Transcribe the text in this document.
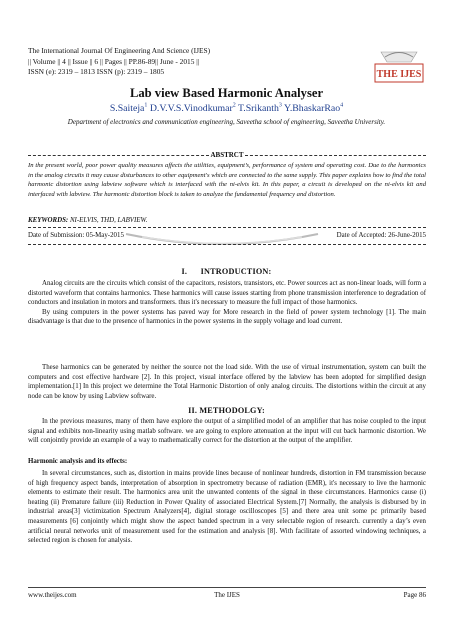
The International Journal Of Engineering And Science (IJES)
|| Volume || 4 || Issue || 6 || Pages || PP.86-89|| June - 2015 ||
ISSN (e): 2319 – 1813 ISSN (p): 2319 – 1805	THE IJES
Lab view Based Harmonic Analyser
S.Saiteja$^1$ D.V.V.S.Vinodkumar$^2$ T.Srikanth$^3$ Y.BhaskarRao$^4$
Department of electronics and communication engineering, Saveetha school of engineering, Saveetha University.
ABSTRCT
In the present world, poor power quality measures affects the utilities, equipment’s, performance of system and operating cost. Due to the harmonics in the analog circuits it may cause disturbances to other equipment's which are connected to the same supply. This paper explains how to find the total harmonic distortion using labview software which is interfaced with the ni-elvis kit. In this paper, a circuit is developed on the ni-elvis kit and interfaced with labview. The harmonic distortion block is taken to analyze the fundamental frequency and distortion.
KEYWORDS: NI-ELVIS, THD, LABVIEW.
Date of Submission: 05-May-2015	Date of Accepted: 26-June-2015
I.      INTRODUCTION:

Analog circuits are the circuits which consist of the capacitors, resistors, transistors, etc. Power sources act as non-linear loads, will form a distorted waveform that contains harmonics. These harmonics will cause issues starting from phone transmission interference to degradation of conductors and insulation in motors and transformers. thus it's necessary to measure the full impact of those harmonics.

By using computers in the power systems has paved way for More research in the field of power system technology [1]. The main disadvantage is that due to the presence of harmonics in the power systems in the supply voltage and load current.

These harmonics can be generated by neither the source not the load side. With the use of virtual instrumentation, system can built the computers and cost effective hardware [2]. In this project, visual interface offered by the labview has been adopted for simplified design implementation.[1] In this project we determine the Total Harmonic Distortion of only analog circuits. The distortions within the circuit at any node can be know by using Labview software.

II. METHODOLGY:

In the previous measures, many of them have explore the output of a simplified model of an amplifier that has noise coupled to the input signal and exhibits non-linearity using matlab software. we are going to explore attenuation at the input will cut back harmonic distortion. We will conjointly provide an example of a way to mathematically correct for the distortion at the output of the amplifier.

Harmonic analysis and its effects:

In several circumstances, such as, distortion in mains provide lines because of nonlinear hundreds, distortion in FM transmission because of high frequency aspect bands, interpretation of absorption in spectrometry because of radiation (EMR), it's necessary to live the harmonic elements to estimate their result. The harmonics area unit the unwanted contents of the signal in these circumstances. Harmonics cause (i) heating (ii) Premature failure (iii) Reduction in Power Quality of associated Electrical System.[7] Normally, the analysis is disbursed by in industrial areas[3] victimization Spectrum Analyzers[4], digital storage oscilloscopes [5] and there area unit some pc primarily based measurements [6] conjointly which might show the aspect banded spectrum in a very selectable region of research. currently a day’s even artificial neural networks unit of measurement used for the estimation and analysis [8]. With facilitate of assorted windowing techniques, a selected region is chosen for analysis.

www.theijes.com	The IJES	Page 86
